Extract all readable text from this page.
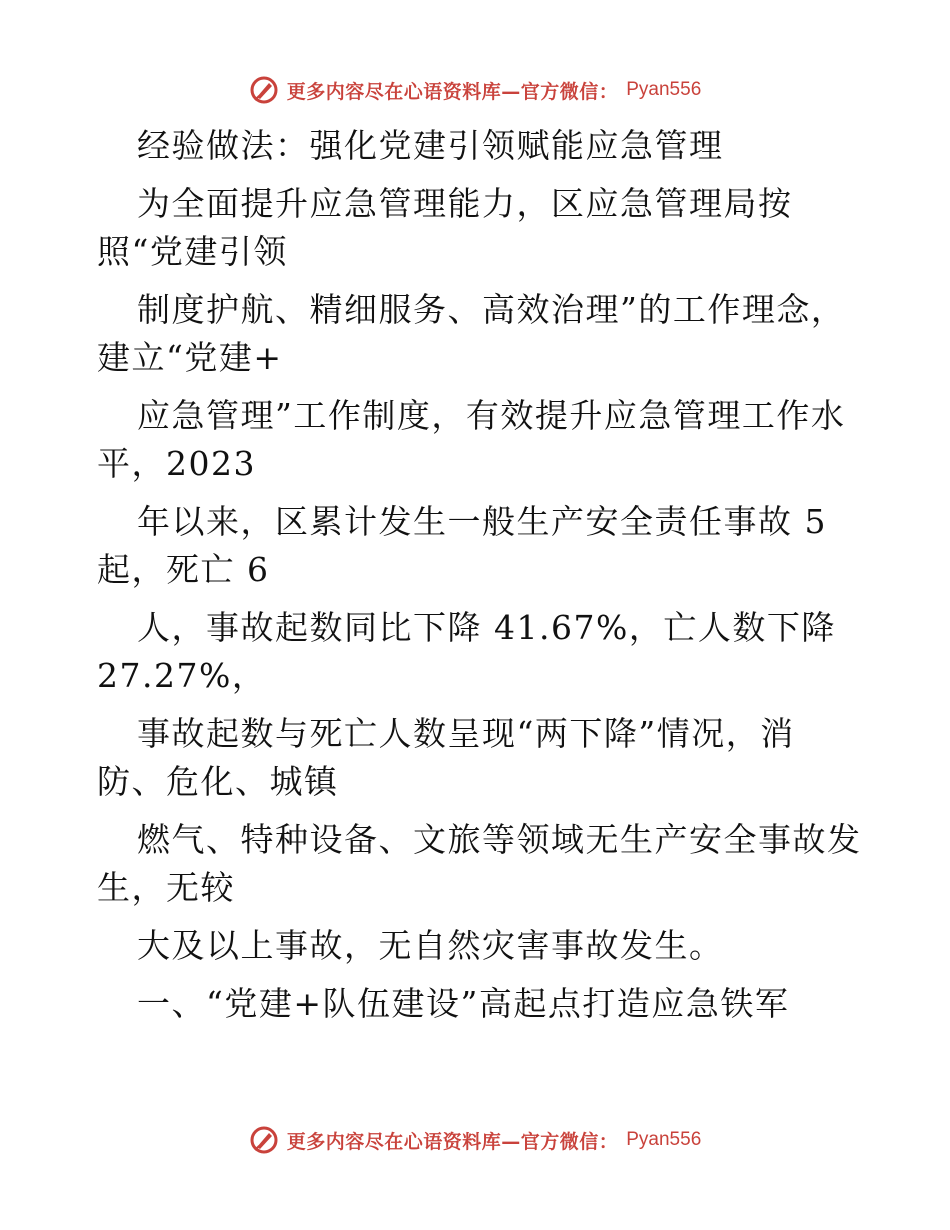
更多内容尽在心语资料库—官方微信： Pyan556
经验做法：强化党建引领赋能应急管理
为全面提升应急管理能力，区应急管理局按
照“党建引领
制度护航、精细服务、高效治理”的工作理念，
建立“党建+
应急管理”工作制度，有效提升应急管理工作水
平，2023
年以来，区累计发生一般生产安全责任事故 5
起，死亡 6
人，事故起数同比下降 41.67%，亡人数下降
27.27%，
事故起数与死亡人数呈现“两下降”情况，消
防、危化、城镇
燃气、特种设备、文旅等领域无生产安全事故发
生，无较
大及以上事故，无自然灾害事故发生。
一、“党建+队伍建设”高起点打造应急铁军
更多内容尽在心语资料库—官方微信： Pyan556
